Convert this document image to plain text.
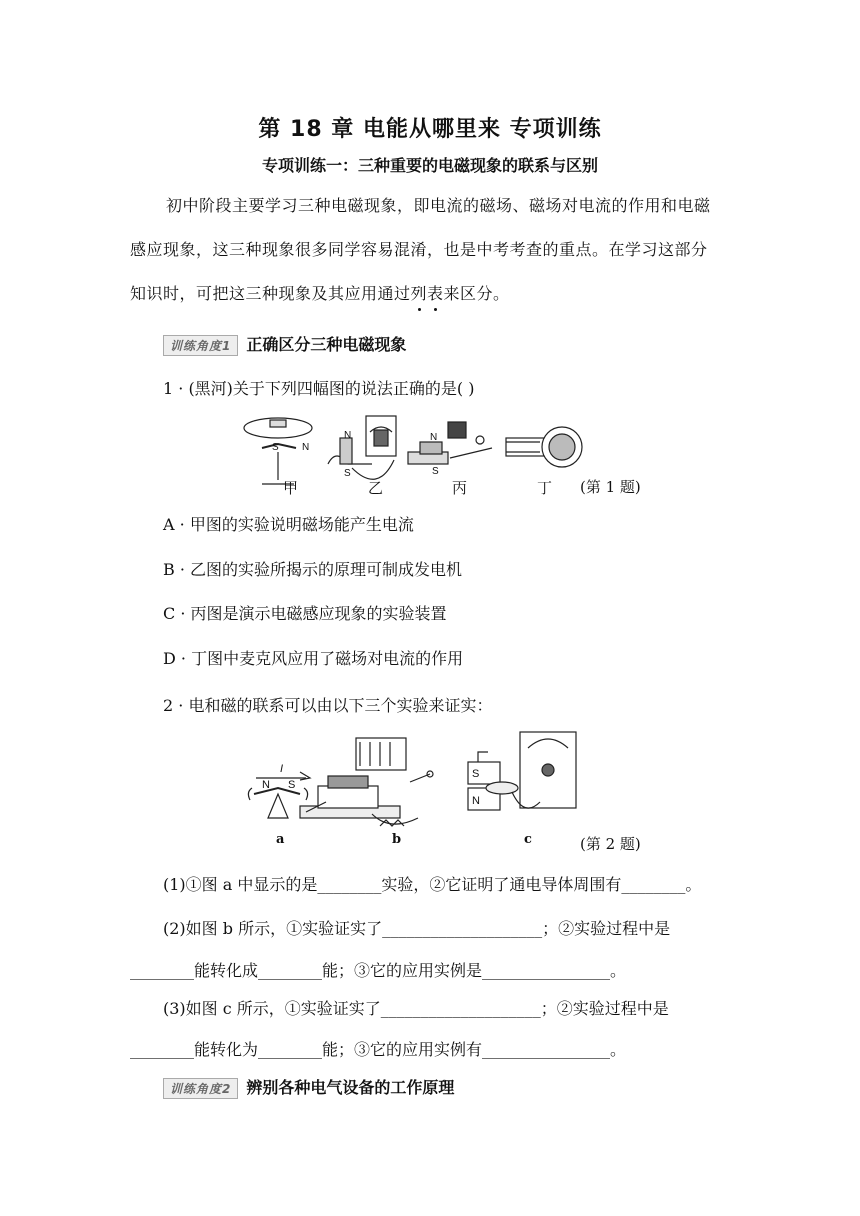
第 18 章 电能从哪里来 专项训练
专项训练一：三种重要的电磁现象的联系与区别
初中阶段主要学习三种电磁现象，即电流的磁场、磁场对电流的作用和电磁
感应现象，这三种现象很多同学容易混淆，也是中考考查的重点。在学习这部分
知识时，可把这三种现象及其应用通过列表来区分。
训练角度1 正确区分三种电磁现象
1 · (黑河)关于下列四幅图的说法正确的是( )
S N
N
S
N
S
甲	乙	丙	丁 (第 1 题)
A · 甲图的实验说明磁场能产生电流
B · 乙图的实验所揭示的原理可制成发电机
C · 丙图是演示电磁感应现象的实验装置
D · 丁图中麦克风应用了磁场对电流的作用
2 · 电和磁的联系可以由以下三个实验来证实：
I
N S
S
N
a	b	c	(第 2 题)
(1)①图 a 中显示的是________实验，②它证明了通电导体周围有________。
(2)如图 b 所示，①实验证实了____________________；②实验过程中是
________能转化成________能；③它的应用实例是________________。
(3)如图 c 所示，①实验证实了____________________；②实验过程中是
________能转化为________能；③它的应用实例有________________。
训练角度2 辨别各种电气设备的工作原理
